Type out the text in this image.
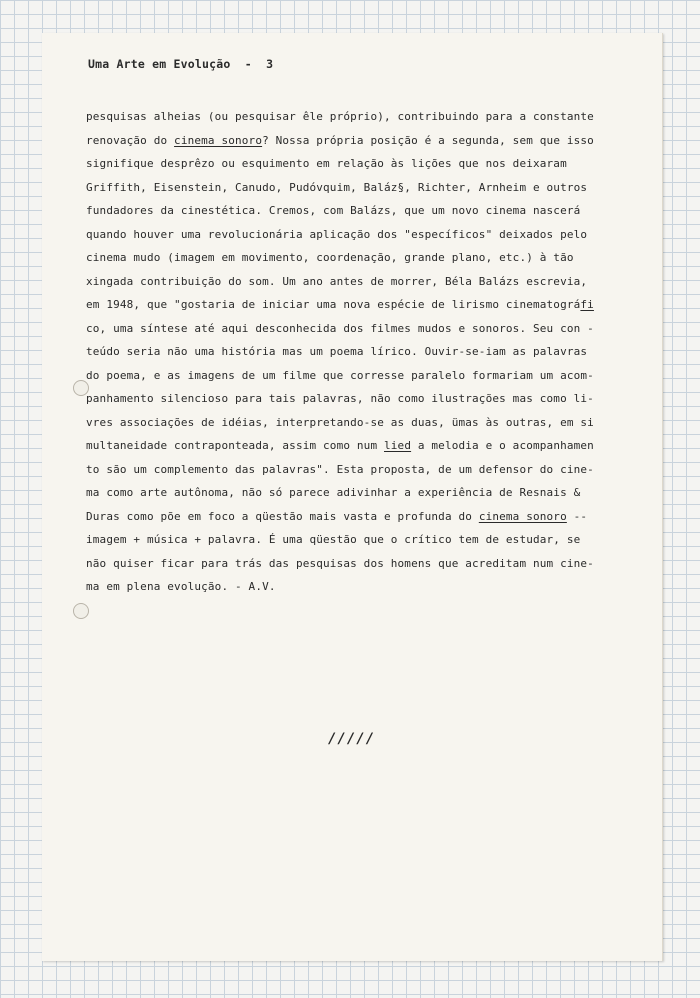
Uma Arte em Evolução  -  3
pesquisas alheias (ou pesquisar êle próprio), contribuindo para a constante
renovação do cinema sonoro? Nossa própria posição é a segunda, sem que isso
signifique desprêzo ou esquimento em relação às lições que nos deixaram
Griffith, Eisenstein, Canudo, Pudóvquim, Baláz§, Richter, Arnheim e outros
fundadores da cinestética. Cremos, com Balázs, que um novo cinema nascerá
quando houver uma revolucionária aplicação dos "específicos" deixados pelo
cinema mudo (imagem em movimento, coordenação, grande plano, etc.) à tão
xingada contribuição do som. Um ano antes de morrer, Béla Balázs escrevia,
em 1948, que "gostaria de iniciar uma nova espécie de lirismo cinematográfi
co, uma síntese até aqui desconhecida dos filmes mudos e sonoros. Seu con -
teúdo seria não uma história mas um poema lírico. Ouvir-se-iam as palavras
do poema, e as imagens de um filme que corresse paralelo formariam um acom-
panhamento silencioso para tais palavras, não como ilustrações mas como li-
vres associações de idéias, interpretando-se as duas, ümas às outras, em si
multaneidade contraponteada, assim como num lied a melodia e o acompanhamen
to são um complemento das palavras". Esta proposta, de um defensor do cine-
ma como arte autônoma, não só parece adivinhar a experiência de Resnais &
Duras como põe em foco a qüestão mais vasta e profunda do cinema sonoro --
imagem + música + palavra. É uma qüestão que o crítico tem de estudar, se
não quiser ficar para trás das pesquisas dos homens que acreditam num cine-
ma em plena evolução. - A.V.
/////
